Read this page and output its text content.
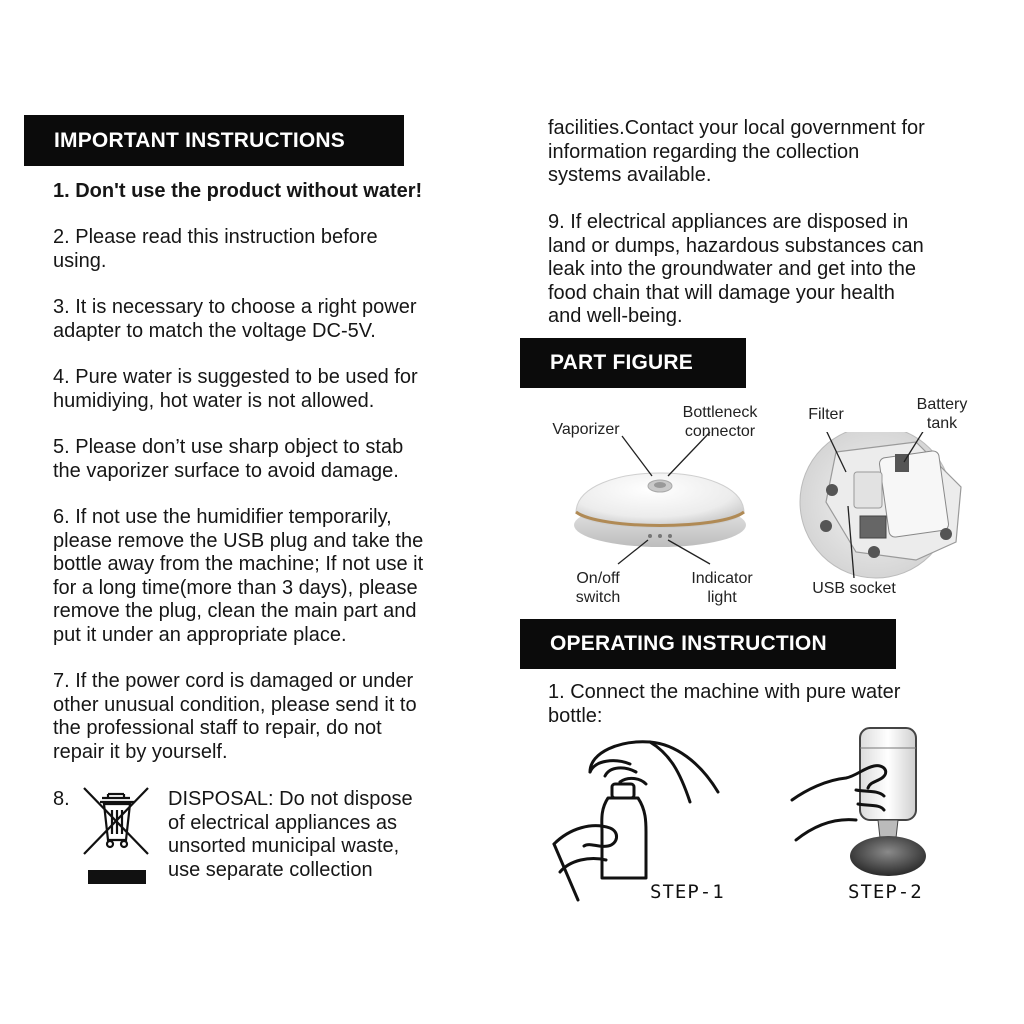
IMPORTANT INSTRUCTIONS
1. Don't use the product without water!
2. Please read this instruction before
using.
3. It is necessary to choose a right power
adapter to match the voltage DC-5V.
4. Pure water is suggested to be used for
humidiying, hot water is not allowed.
5. Please don’t use sharp object to stab
the vaporizer surface to avoid damage.
6. If not use the humidifier temporarily,
please remove the USB plug and take the
bottle away from the machine; If not use it
for a long time(more than 3 days), please
remove the plug, clean the main part and
put it under an appropriate place.
7. If the power cord is damaged or under
other unusual condition, please send it to
the professional staff to repair, do not
repair it by yourself.
8.	DISPOSAL: Do not dispose
of electrical appliances as
unsorted municipal waste,
use separate collection
facilities.Contact your local government for
information regarding the collection
systems available.
9. If electrical appliances are disposed in
land or dumps, hazardous substances can
leak into the groundwater and get into the
food chain that will damage your health
and well-being.
PART FIGURE
Vaporizer
Bottleneck
connector
On/off
switch
Indicator
light
Filter
Battery
tank
USB socket
OPERATING INSTRUCTION
1. Connect the machine with pure water
bottle:
STEP-1	STEP-2
